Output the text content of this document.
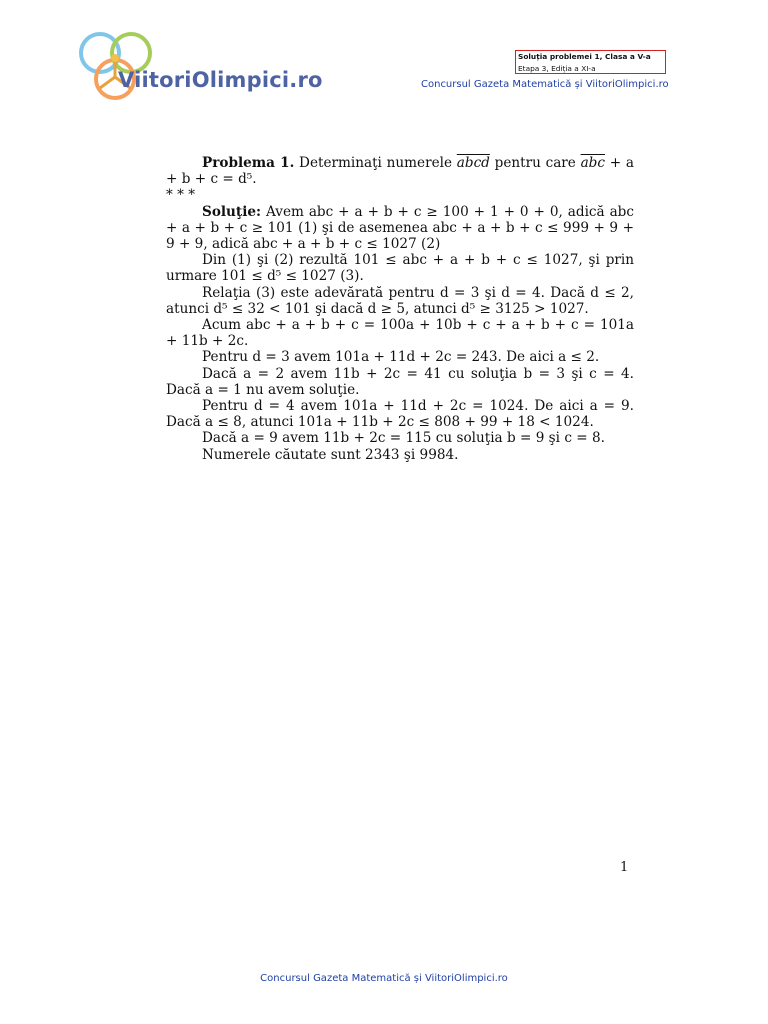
ViitoriOlimpici.ro
Soluția problemei 1, Clasa a V-a
Etapa 3, Ediția a XI-a
Concursul Gazeta Matematică și ViitoriOlimpici.ro

Problema 1. Determinaţi numerele abcd pentru care $\overline{abc} + a + b + c = d^5$.

* * *

Soluţie: Avem abc + a + b + c ≥ 100 + 1 + 0 + 0, adică abc + a + b + c ≥ 101 (1) şi de asemenea abc + a + b + c ≤ 999 + 9 + 9 + 9, adică abc + a + b + c ≤ 1027 (2)

Din (1) şi (2) rezultă 101 ≤ abc + a + b + c ≤ 1027, şi prin urmare 101 ≤ d⁵ ≤ 1027 (3).

Relaţia (3) este adevărată pentru d = 3 şi d = 4. Dacă d ≤ 2, atunci d⁵ ≤ 32 < 101 şi dacă d ≥ 5, atunci d⁵ ≥ 3125 > 1027.

Acum abc + a + b + c = 100a + 10b + c + a + b + c = 101a + 11b + 2c.

Pentru d = 3 avem 101a + 11d + 2c = 243. De aici a ≤ 2.

Dacă a = 2 avem 11b + 2c = 41 cu soluţia b = 3 şi c = 4. Dacă a = 1 nu avem soluţie.

Pentru d = 4 avem 101a + 11d + 2c = 1024. De aici a = 9. Dacă a ≤ 8, atunci 101a + 11b + 2c ≤ 808 + 99 + 18 < 1024.

Dacă a = 9 avem 11b + 2c = 115 cu soluţia b = 9 şi c = 8.

Numerele căutate sunt 2343 şi 9984.

1
Concursul Gazeta Matematică și ViitoriOlimpici.ro
